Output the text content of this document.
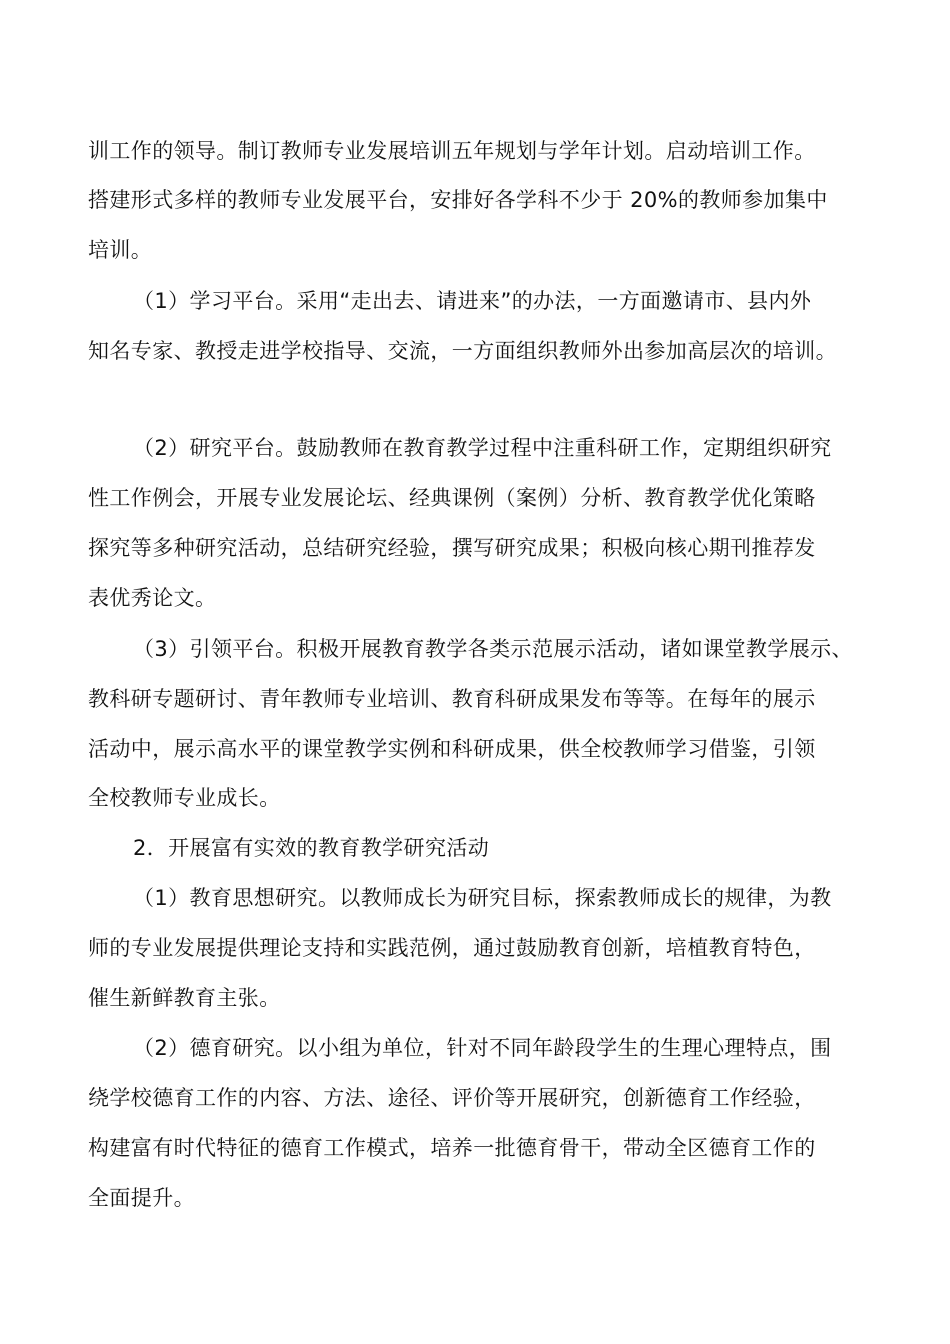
训工作的领导。制订教师专业发展培训五年规划与学年计划。启动培训工作。
搭建形式多样的教师专业发展平台，安排好各学科不少于 20%的教师参加集中
培训。
（1）学习平台。采用“走出去、请进来”的办法，一方面邀请市、县内外
知名专家、教授走进学校指导、交流，一方面组织教师外出参加高层次的培训。
（2）研究平台。鼓励教师在教育教学过程中注重科研工作，定期组织研究
性工作例会，开展专业发展论坛、经典课例（案例）分析、教育教学优化策略
探究等多种研究活动，总结研究经验，撰写研究成果；积极向核心期刊推荐发
表优秀论文。
（3）引领平台。积极开展教育教学各类示范展示活动，诸如课堂教学展示、
教科研专题研讨、青年教师专业培训、教育科研成果发布等等。在每年的展示
活动中，展示高水平的课堂教学实例和科研成果，供全校教师学习借鉴，引领
全校教师专业成长。
2．开展富有实效的教育教学研究活动
（1）教育思想研究。以教师成长为研究目标，探索教师成长的规律，为教
师的专业发展提供理论支持和实践范例，通过鼓励教育创新，培植教育特色，
催生新鲜教育主张。
（2）德育研究。以小组为单位，针对不同年龄段学生的生理心理特点，围
绕学校德育工作的内容、方法、途径、评价等开展研究，创新德育工作经验，
构建富有时代特征的德育工作模式，培养一批德育骨干，带动全区德育工作的
全面提升。
